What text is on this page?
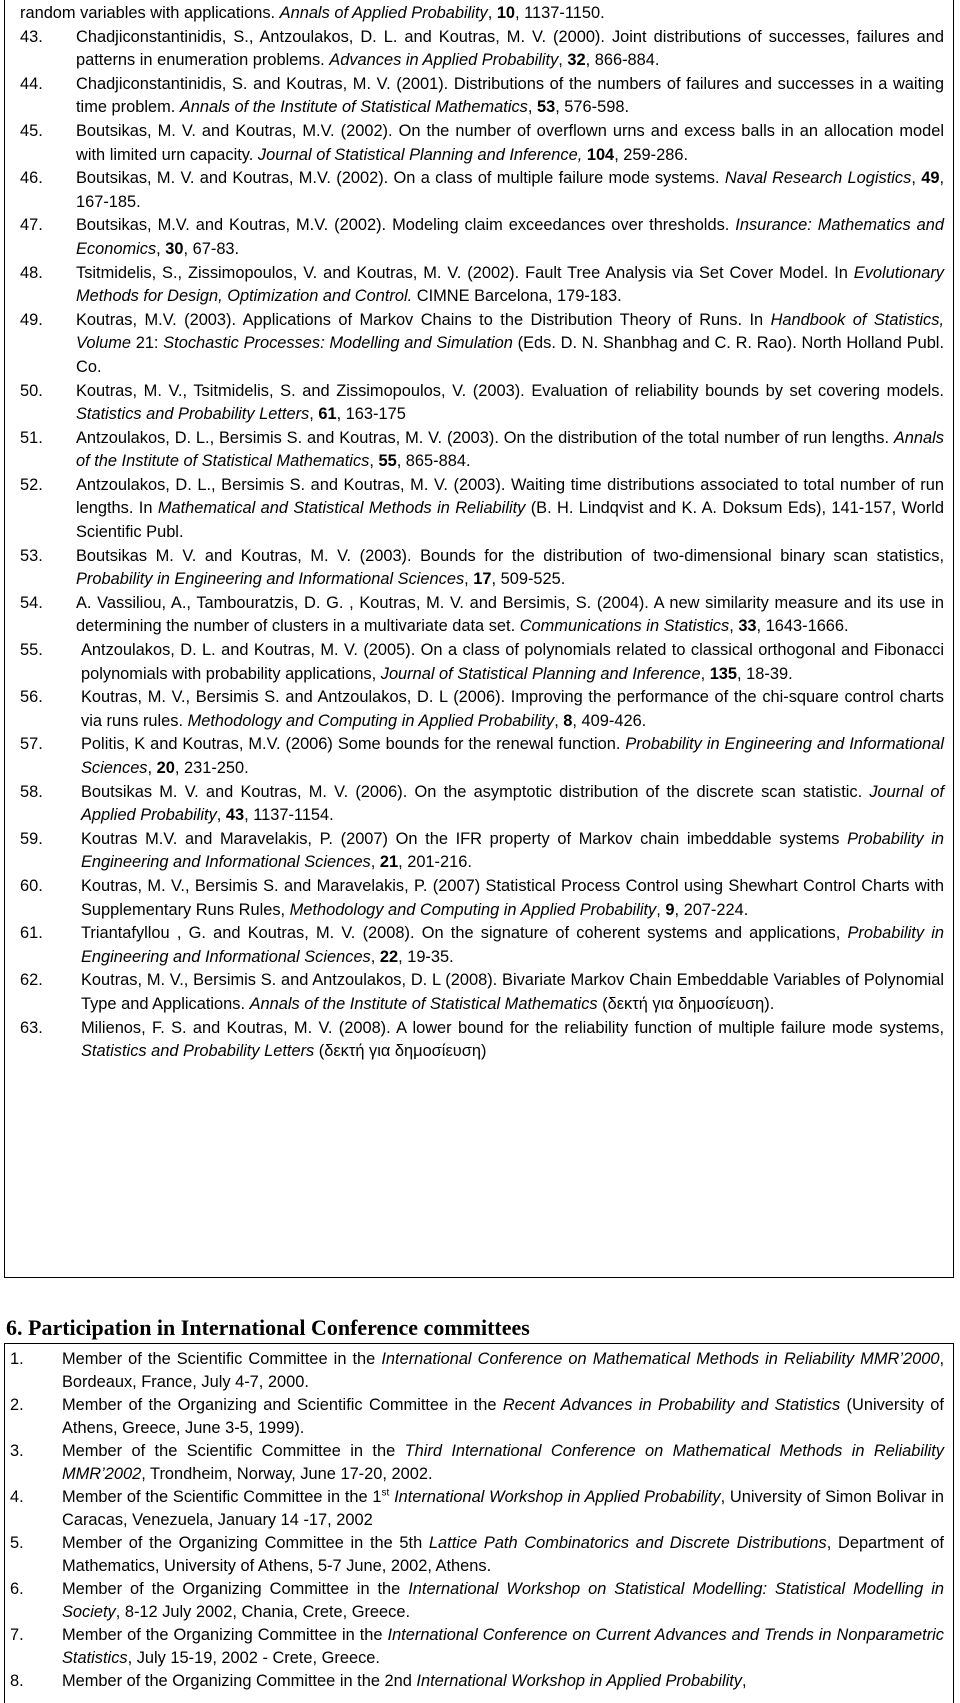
random variables with applications. Annals of Applied Probability, 10, 1137-1150.
43.	Chadjiconstantinidis, S., Antzoulakos, D. L. and Koutras, M. V. (2000). Joint distributions of successes, failures and patterns in enumeration problems. Advances in Applied Probability, 32, 866-884.
44.	Chadjiconstantinidis, S. and Koutras, M. V. (2001). Distributions of the numbers of failures and successes in a waiting time problem. Annals of the Institute of Statistical Mathematics, 53, 576-598.
45.	Boutsikas, M. V. and Koutras, M.V. (2002). On the number of overflown urns and excess balls in an allocation model with limited urn capacity. Journal of Statistical Planning and Inference, 104, 259-286.
46.	Boutsikas, M. V. and Koutras, M.V. (2002). On a class of multiple failure mode systems. Naval Research Logistics, 49, 167-185.
47.	Boutsikas, M.V. and Koutras, M.V. (2002). Modeling claim exceedances over thresholds. Insurance: Mathematics and Economics, 30, 67-83.
48.	Tsitmidelis, S., Zissimopoulos, V. and Koutras, M. V. (2002). Fault Tree Analysis via Set Cover Model. In Evolutionary Methods for Design, Optimization and Control. CIMNE Barcelona, 179-183.
49.	Koutras, M.V. (2003). Applications of Markov Chains to the Distribution Theory of Runs. In Handbook of Statistics, Volume 21: Stochastic Processes: Modelling and Simulation (Eds. D. N. Shanbhag and C. R. Rao). North Holland Publ. Co.
50.	Koutras, M. V., Tsitmidelis, S. and Zissimopoulos, V. (2003). Evaluation of reliability bounds by set covering models. Statistics and Probability Letters, 61, 163-175
51.	Antzoulakos, D. L., Bersimis S. and Koutras, M. V. (2003). On the distribution of the total number of run lengths. Annals of the Institute of Statistical Mathematics, 55, 865-884.
52.	Antzoulakos, D. L., Bersimis S. and Koutras, M. V. (2003). Waiting time distributions associated to total number of run lengths. In Mathematical and Statistical Methods in Reliability (B. H. Lindqvist and K. A. Doksum Eds), 141-157, World Scientific Publ.
53.	Boutsikas M. V. and Koutras, M. V. (2003). Bounds for the distribution of two-dimensional binary scan statistics, Probability in Engineering and Informational Sciences, 17, 509-525.
54.	A. Vassiliou, A., Tambouratzis, D. G. , Koutras, M. V. and Bersimis, S. (2004). A new similarity measure and its use in determining the number of clusters in a multivariate data set. Communications in Statistics, 33, 1643-1666.
55.	Antzoulakos, D. L. and Koutras, M. V. (2005). On a class of polynomials related to classical orthogonal and Fibonacci polynomials with probability applications, Journal of Statistical Planning and Inference, 135, 18-39.
56.	Koutras, M. V., Bersimis S. and Antzoulakos, D. L (2006). Improving the performance of the chi-square control charts via runs rules. Methodology and Computing in Applied Probability, 8, 409-426.
57.	Politis, K and Koutras, M.V. (2006) Some bounds for the renewal function. Probability in Engineering and Informational Sciences, 20, 231-250.
58.	Boutsikas M. V. and Koutras, M. V. (2006). On the asymptotic distribution of the discrete scan statistic. Journal of Applied Probability, 43, 1137-1154.
59.	Koutras M.V. and Maravelakis, P. (2007) On the IFR property of Markov chain imbeddable systems Probability in Engineering and Informational Sciences, 21, 201-216.
60.	Koutras, M. V., Bersimis S. and Maravelakis, P. (2007) Statistical Process Control using Shewhart Control Charts with Supplementary Runs Rules, Methodology and Computing in Applied Probability, 9, 207-224.
61.	Triantafyllou , G. and Koutras, M. V. (2008). On the signature of coherent systems and applications, Probability in Engineering and Informational Sciences, 22, 19-35.
62.	Koutras, M. V., Bersimis S. and Antzoulakos, D. L (2008). Bivariate Markov Chain Embeddable Variables of Polynomial Type and Applications. Annals of the Institute of Statistical Mathematics (δεκτή για δημοσίευση).
63.	Milienos, F. S. and Koutras, M. V. (2008). A lower bound for the reliability function of multiple failure mode systems, Statistics and Probability Letters (δεκτή για δημοσίευση)
6. Participation in International Conference committees
1.	Member of the Scientific Committee in the International Conference on Mathematical Methods in Reliability MMR’2000, Bordeaux, France, July 4-7, 2000.
2.	Member of the Organizing and Scientific Committee in the Recent Advances in Probability and Statistics (University of Athens, Greece, June 3-5, 1999).
3.	Member of the Scientific Committee in the Third International Conference on Mathematical Methods in Reliability MMR’2002, Trondheim, Norway, June 17-20, 2002.
4.	Member of the Scientific Committee in the 1st International Workshop in Applied Probability, University of Simon Bolivar in Caracas, Venezuela, January 14 -17, 2002
5.	Member of the Organizing Committee in the 5th Lattice Path Combinatorics and Discrete Distributions, Department of Mathematics, University of Athens, 5-7 June, 2002, Athens.
6.	Member of the Organizing Committee in the International Workshop on Statistical Modelling: Statistical Modelling in Society, 8-12 July 2002, Chania, Crete, Greece.
7.	Member of the Organizing Committee in the International Conference on Current Advances and Trends in Nonparametric Statistics, July 15-19, 2002 - Crete, Greece.
8.	Member of the Organizing Committee in the 2nd International Workshop in Applied Probability,
